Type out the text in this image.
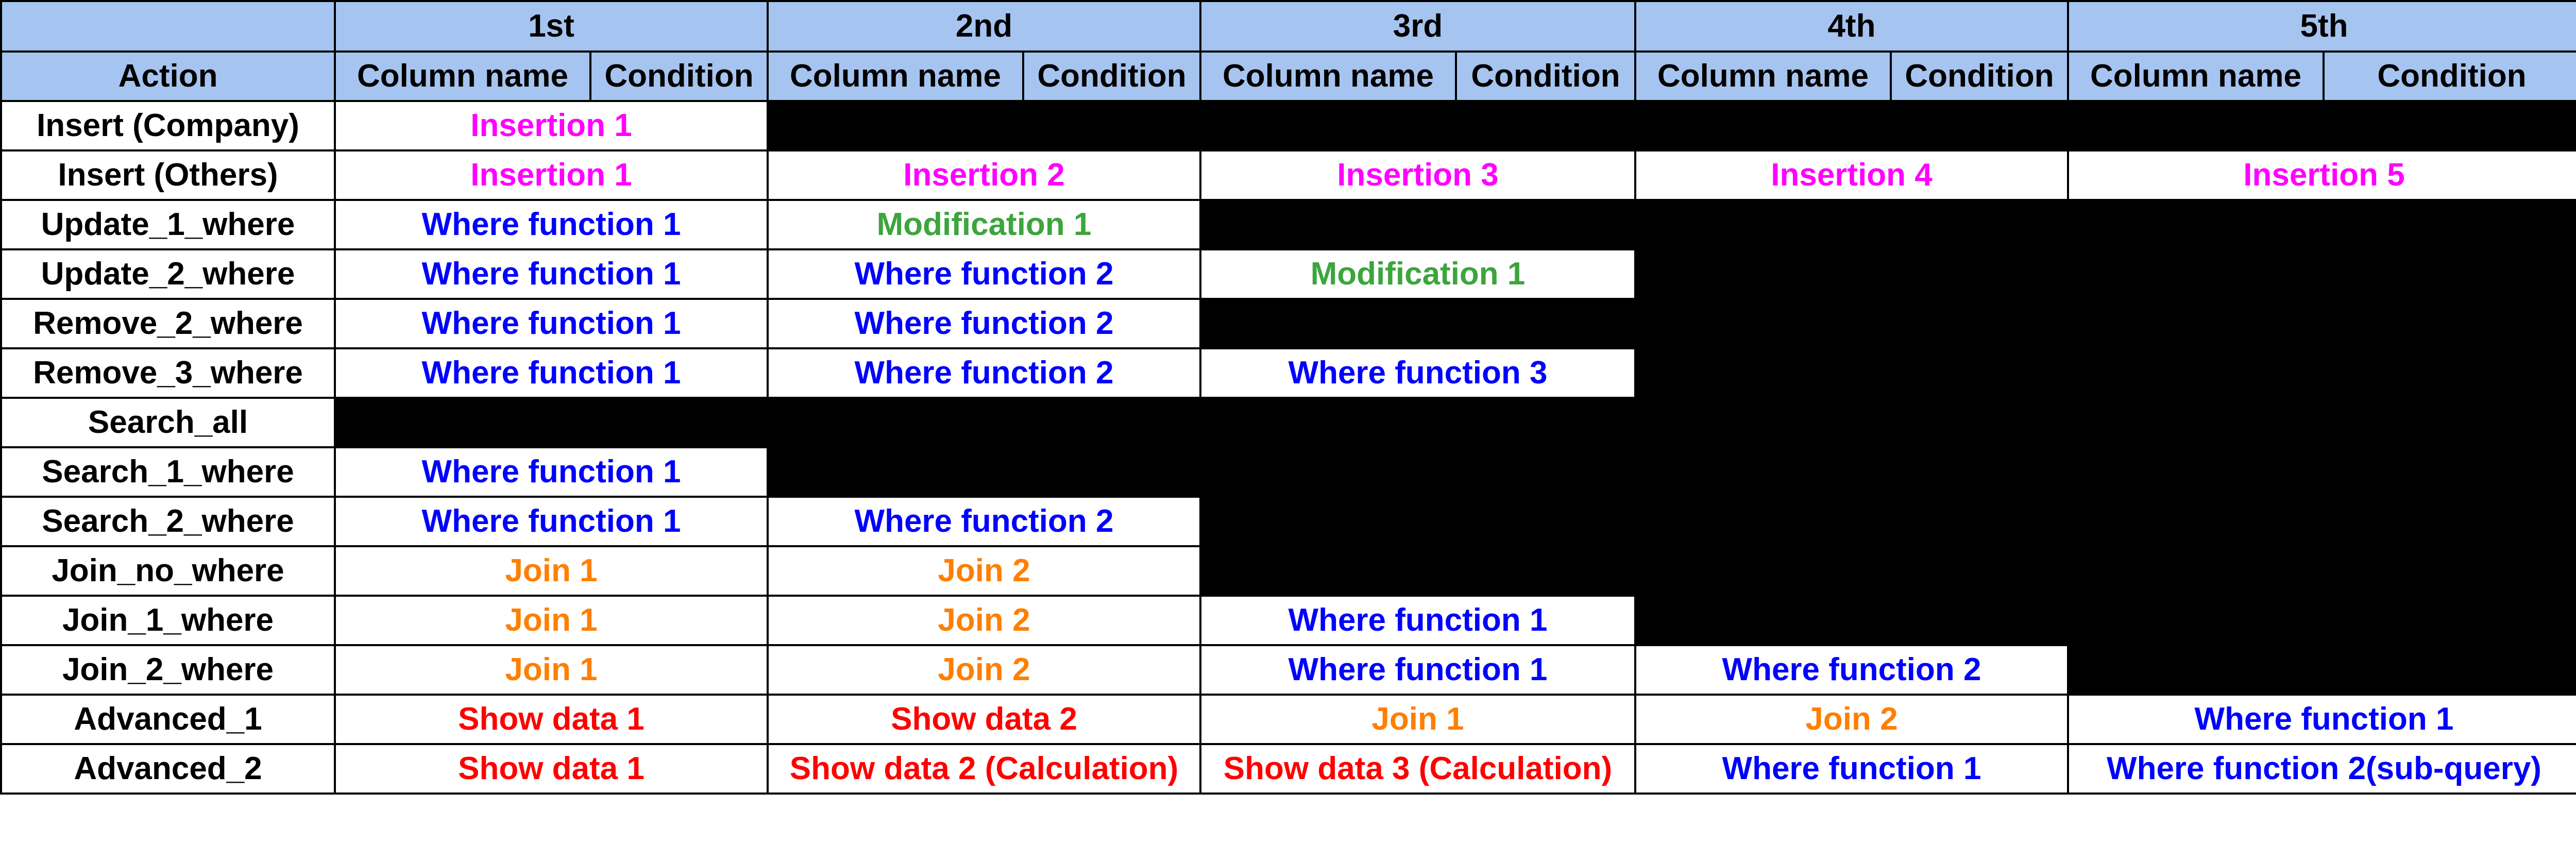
	1st		2nd		3rd		4th		5th		
Action	Column name	Condition	Column name	Condition	Column name	Condition	Column name	Condition	Column name	Condition				
Insert (Company)	Insertion 1													
Insert (Others)	Insertion 1		Insertion 2		Insertion 3		Insertion 4		Insertion 5		
Update_1_where	Where function 1		Modification 1											
Update_2_where	Where function 1		Where function 2		Modification 1									
Remove_2_where	Where function 1		Where function 2											
Remove_3_where	Where function 1		Where function 2		Where function 3									
Search_all														
Search_1_where	Where function 1													
Search_2_where	Where function 1		Where function 2											
Join_no_where	Join 1		Join 2											
Join_1_where	Join 1		Join 2		Where function 1									
Join_2_where	Join 1		Join 2		Where function 1		Where function 2							
Advanced_1	Show data 1		Show data 2		Join 1		Join 2		Where function 1		
Advanced_2	Show data 1		Show data 2 (Calculation)		Show data 3 (Calculation)		Where function 1		Where function 2(sub-query)					
